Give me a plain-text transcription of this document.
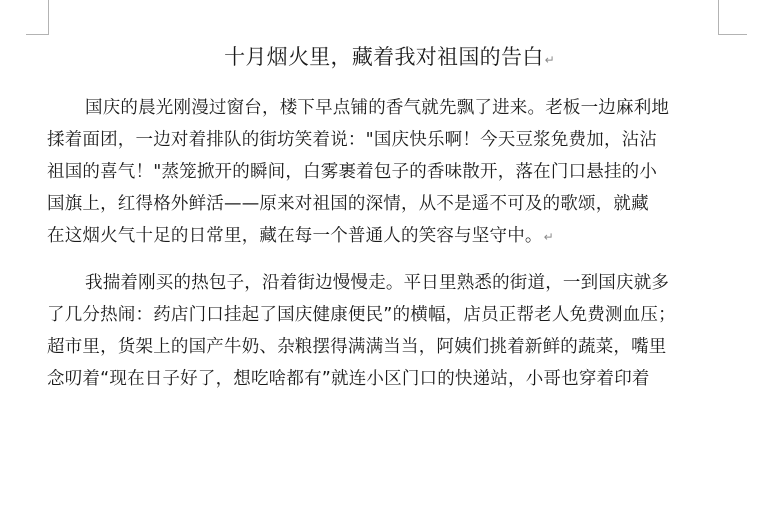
十月烟火里，藏着我对祖国的告白↵
国庆的晨光刚漫过窗台，楼下早点铺的香气就先飘了进来。老板一边麻利地
揉着面团，一边对着排队的街坊笑着说："国庆快乐啊！今天豆浆免费加，沾沾
祖国的喜气！"蒸笼掀开的瞬间，白雾裹着包子的香味散开，落在门口悬挂的小
国旗上，红得格外鲜活——原来对祖国的深情，从不是遥不可及的歌颂，就藏
在这烟火气十足的日常里，藏在每一个普通人的笑容与坚守中。↵
我揣着刚买的热包子，沿着街边慢慢走。平日里熟悉的街道，一到国庆就多
了几分热闹：药店门口挂起了国庆健康便民”的横幅，店员正帮老人免费测血压；
超市里，货架上的国产牛奶、杂粮摆得满满当当，阿姨们挑着新鲜的蔬菜，嘴里
念叨着“现在日子好了，想吃啥都有”就连小区门口的快递站，小哥也穿着印着
